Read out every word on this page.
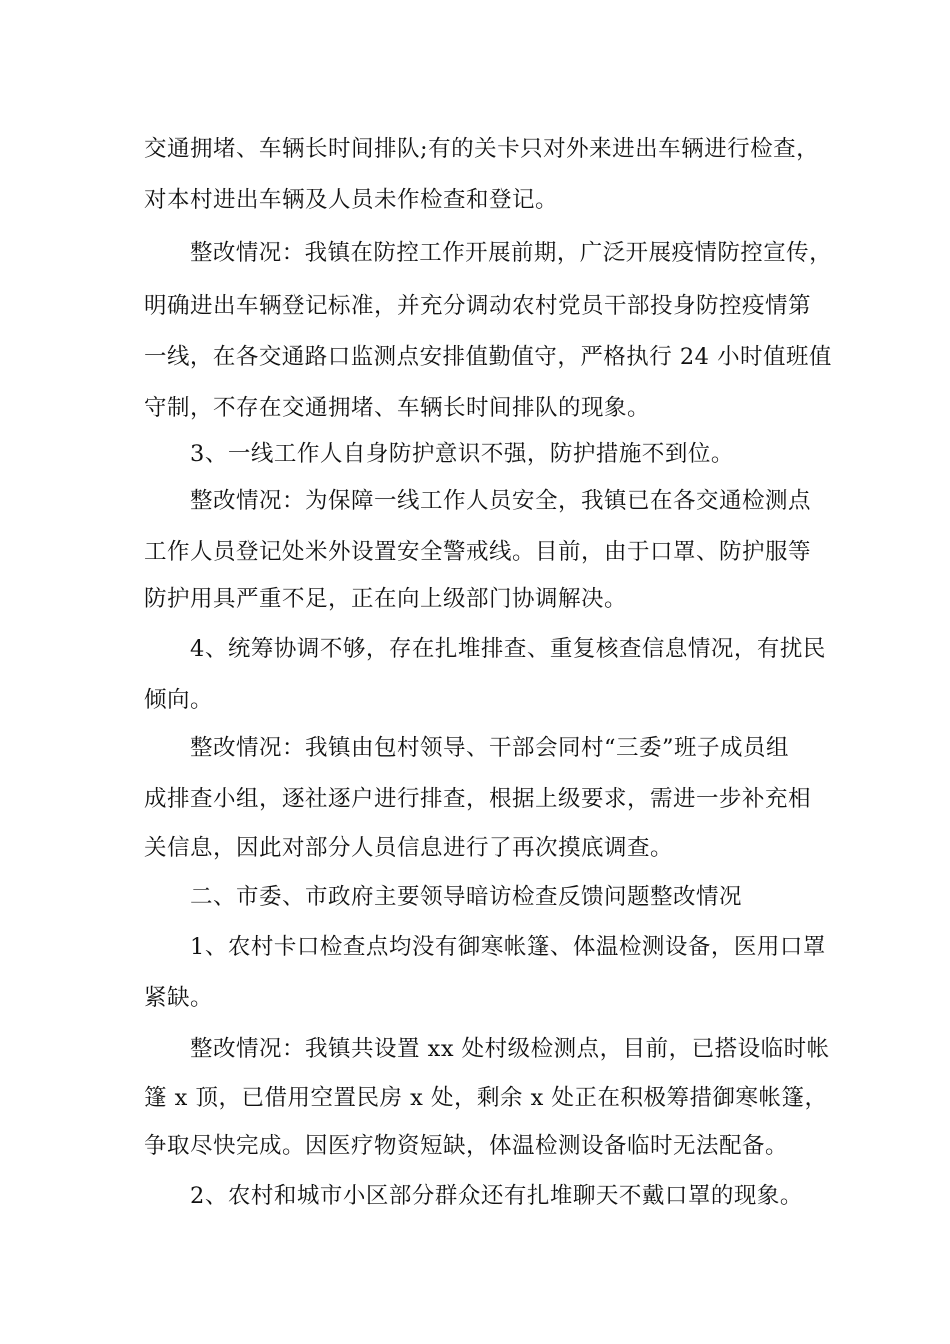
交通拥堵、车辆长时间排队;有的关卡只对外来进出车辆进行检查，
对本村进出车辆及人员未作检查和登记。
整改情况：我镇在防控工作开展前期，广泛开展疫情防控宣传，
明确进出车辆登记标准，并充分调动农村党员干部投身防控疫情第
一线，在各交通路口监测点安排值勤值守，严格执行 24 小时值班值
守制，不存在交通拥堵、车辆长时间排队的现象。
3、一线工作人自身防护意识不强，防护措施不到位。
整改情况：为保障一线工作人员安全，我镇已在各交通检测点
工作人员登记处米外设置安全警戒线。目前，由于口罩、防护服等
防护用具严重不足，正在向上级部门协调解决。
4、统筹协调不够，存在扎堆排查、重复核查信息情况，有扰民
倾向。
整改情况：我镇由包村领导、干部会同村“三委”班子成员组
成排查小组，逐社逐户进行排查，根据上级要求，需进一步补充相
关信息，因此对部分人员信息进行了再次摸底调查。
二、市委、市政府主要领导暗访检查反馈问题整改情况
1、农村卡口检查点均没有御寒帐篷、体温检测设备，医用口罩
紧缺。
整改情况：我镇共设置 xx 处村级检测点，目前，已搭设临时帐
篷 x 顶，已借用空置民房 x 处，剩余 x 处正在积极筹措御寒帐篷，
争取尽快完成。因医疗物资短缺，体温检测设备临时无法配备。
2、农村和城市小区部分群众还有扎堆聊天不戴口罩的现象。
